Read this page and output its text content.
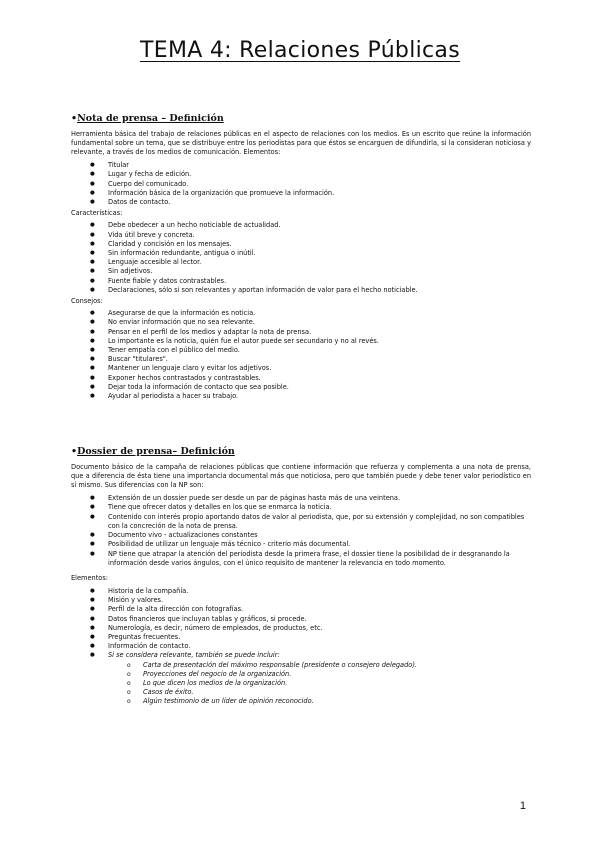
TEMA 4: Relaciones Públicas

•Nota de prensa – Definición

Herramienta básica del trabajo de relaciones públicas en el aspecto de relaciones con los medios. Es un escrito que reúne la información fundamental sobre un tema, que se distribuye entre los periodistas para que éstos se encarguen de difundirla, si la consideran noticiosa y relevante, a través de los medios de comunicación. Elementos:

● Titular
● Lugar y fecha de edición.
● Cuerpo del comunicado.
● Información básica de la organización que promueve la información.
● Datos de contacto.

Características:

● Debe obedecer a un hecho noticiable de actualidad.
● Vida útil breve y concreta.
● Claridad y concisión en los mensajes.
● Sin información redundante, antigua o inútil.
● Lenguaje accesible al lector.
● Sin adjetivos.
● Fuente fiable y datos contrastables.
● Declaraciones, sólo si son relevantes y aportan información de valor para el hecho noticiable.

Consejos:

● Asegurarse de que la información es noticia.
● No enviar información que no sea relevante.
● Pensar en el perfil de los medios y adaptar la nota de prensa.
● Lo importante es la noticia, quién fue el autor puede ser secundario y no al revés.
● Tener empatía con el público del medio.
● Buscar "titulares".
● Mantener un lenguaje claro y evitar los adjetivos.
● Exponer hechos contrastados y contrastables.
● Dejar toda la información de contacto que sea posible.
● Ayudar al periodista a hacer su trabajo.

•Dossier de prensa– Definición

Documento básico de la campaña de relaciones públicas que contiene información que refuerza y complementa a una nota de prensa, que a diferencia de ésta tiene una importancia documental más que noticiosa, pero que también puede y debe tener valor periodístico en sí mismo. Sus diferencias con la NP son:

● Extensión de un dossier puede ser desde un par de páginas hasta más de una veintena.
● Tiene que ofrecer datos y detalles en los que se enmarca la noticia.
● Contenido con interés propio aportando datos de valor al periodista, que, por su extensión y complejidad, no son compatibles con la concreción de la nota de prensa.
● Documento vivo - actualizaciones constantes
● Posibilidad de utilizar un lenguaje más técnico - criterio más documental.
● NP tiene que atrapar la atención del periodista desde la primera frase, el dossier tiene la posibilidad de ir desgranando la información desde varios ángulos, con el único requisito de mantener la relevancia en todo momento.

Elementos:

● Historia de la compañía.
● Misión y valores.
● Perfil de la alta dirección con fotografías.
● Datos financieros que incluyan tablas y gráficos, si procede.
● Numerología, es decir, número de empleados, de productos, etc.
● Preguntas frecuentes.
● Información de contacto.
● Si se considera relevante, también se puede incluir:
o Carta de presentación del máximo responsable (presidente o consejero delegado).
o Proyecciones del negocio de la organización.
o Lo que dicen los medios de la organización.
o Casos de éxito.
o Algún testimonio de un líder de opinión reconocido.
1
